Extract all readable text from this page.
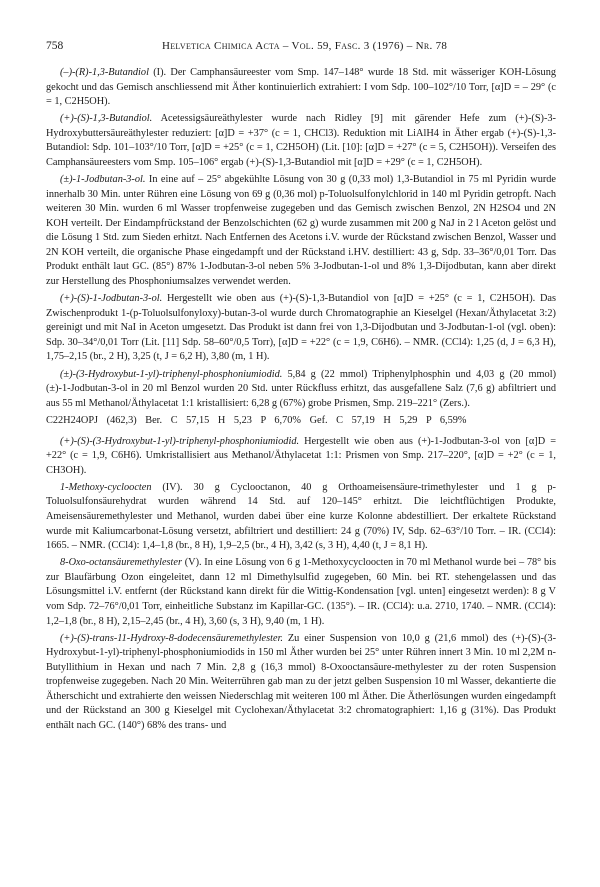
758	Helvetica Chimica Acta – Vol. 59, Fasc. 3 (1976) – Nr. 78

(–)-(R)-1,3-Butandiol (I). Der Camphansäureester vom Smp. 147–148° wurde 18 Std. mit wässeriger KOH-Lösung gekocht und das Gemisch anschliessend mit Äther kontinuierlich extrahiert: I vom Sdp. 100–102°/10 Torr, [α]D = – 29° (c = 1, C2H5OH).

(+)-(S)-1,3-Butandiol. Acetessigsäureäthylester wurde nach Ridley [9] mit gärender Hefe zum (+)-(S)-3-Hydroxybuttersäureäthylester reduziert: [α]D = +37° (c = 1, CHCl3). Reduktion mit LiAlH4 in Äther ergab (+)-(S)-1,3-Butandiol: Sdp. 101–103°/10 Torr, [α]D = +25° (c = 1, C2H5OH) (Lit. [10]: [α]D = +27° (c = 5, C2H5OH)). Verseifen des Camphansäureesters vom Smp. 105–106° ergab (+)-(S)-1,3-Butandiol mit [α]D = +29° (c = 1, C2H5OH).

(±)-1-Jodbutan-3-ol. In eine auf – 25° abgekühlte Lösung von 30 g (0,33 mol) 1,3-Butandiol in 75 ml Pyridin wurde innerhalb 30 Min. unter Rühren eine Lösung von 69 g (0,36 mol) p-Toluolsulfonylchlorid in 140 ml Pyridin getropft. Nach weiteren 30 Min. wurden 6 ml Wasser tropfenweise zugegeben und das Gemisch zwischen Benzol, 2N H2SO4 und 2N KOH verteilt. Der Eindampfrückstand der Benzolschichten (62 g) wurde zusammen mit 200 g NaJ in 2 l Aceton gelöst und die Lösung 1 Std. zum Sieden erhitzt. Nach Entfernen des Acetons i.V. wurde der Rückstand zwischen Benzol, Wasser und 2N KOH verteilt, die organische Phase eingedampft und der Rückstand i.HV. destilliert: 43 g, Sdp. 33–36°/0,01 Torr. Das Produkt enthält laut GC. (85°) 87% 1-Jodbutan-3-ol neben 5% 3-Jodbutan-1-ol und 8% 1,3-Dijodbutan, kann aber direkt zur Herstellung des Phosphoniumsalzes verwendet werden.

(+)-(S)-1-Jodbutan-3-ol. Hergestellt wie oben aus (+)-(S)-1,3-Butandiol von [α]D = +25° (c = 1, C2H5OH). Das Zwischenprodukt 1-(p-Toluolsulfonyloxy)-butan-3-ol wurde durch Chromatographie an Kieselgel (Hexan/Äthylacetat 3:2) gereinigt und mit NaI in Aceton umgesetzt. Das Produkt ist dann frei von 1,3-Dijodbutan und 3-Jodbutan-1-ol (vgl. oben): Sdp. 30–34°/0,01 Torr (Lit. [11] Sdp. 58–60°/0,5 Torr), [α]D = +22° (c = 1,9, C6H6). – NMR. (CCl4): 1,25 (d, J = 6,3 H), 1,75–2,15 (br., 2 H), 3,25 (t, J = 6,2 H), 3,80 (m, 1 H).

(±)-(3-Hydroxybut-1-yl)-triphenyl-phosphoniumiodid. 5,84 g (22 mmol) Triphenylphosphin und 4,03 g (20 mmol) (±)-1-Jodbutan-3-ol in 20 ml Benzol wurden 20 Std. unter Rückfluss erhitzt, das ausgefallene Salz (7,6 g) abfiltriert und aus 55 ml Methanol/Äthylacetat 1:1 kristallisiert: 6,28 g (67%) grobe Prismen, Smp. 219–221° (Zers.).

C22H24OPJ (462,3) Ber. C 57,15 H 5,23 P 6,70% Gef. C 57,19 H 5,29 P 6,59%

(+)-(S)-(3-Hydroxybut-1-yl)-triphenyl-phosphoniumiodid. Hergestellt wie oben aus (+)-1-Jodbutan-3-ol von [α]D = +22° (c = 1,9, C6H6). Umkristallisiert aus Methanol/Äthylacetat 1:1: Prismen von Smp. 217–220°, [α]D = +2° (c = 1, CH3OH).

1-Methoxy-cycloocten (IV). 30 g Cyclooctanon, 40 g Orthoameisensäure-trimethylester und 1 g p-Toluolsulfonsäurehydrat wurden während 14 Std. auf 120–145° erhitzt. Die leichtflüchtigen Produkte, Ameisensäuremethylester und Methanol, wurden dabei über eine kurze Kolonne abdestilliert. Der erkaltete Rückstand wurde mit Kaliumcarbonat-Lösung versetzt, abfiltriert und destilliert: 24 g (70%) IV, Sdp. 62–63°/10 Torr. – IR. (CCl4): 1665. – NMR. (CCl4): 1,4–1,8 (br., 8 H), 1,9–2,5 (br., 4 H), 3,42 (s, 3 H), 4,40 (t, J = 8,1 H).

8-Oxo-octansäuremethylester (V). In eine Lösung von 6 g 1-Methoxycycloocten in 70 ml Methanol wurde bei – 78° bis zur Blaufärbung Ozon eingeleitet, dann 12 ml Dimethylsulfid zugegeben, 60 Min. bei RT. stehengelassen und das Lösungsmittel i.V. entfernt (der Rückstand kann direkt für die Wittig-Kondensation [vgl. unten] eingesetzt werden): 8 g V vom Sdp. 72–76°/0,01 Torr, einheitliche Substanz im Kapillar-GC. (135°). – IR. (CCl4): u.a. 2710, 1740. – NMR. (CCl4): 1,2–1,8 (br., 8 H), 2,15–2,45 (br., 4 H), 3,60 (s, 3 H), 9,40 (m, 1 H).

(+)-(S)-trans-11-Hydroxy-8-dodecensäuremethylester. Zu einer Suspension von 10,0 g (21,6 mmol) des (+)-(S)-(3-Hydroxybut-1-yl)-triphenyl-phosphoniumiodids in 150 ml Äther wurden bei 25° unter Rühren innert 3 Min. 10 ml 2,2M n-Butyllithium in Hexan und nach 7 Min. 2,8 g (16,3 mmol) 8-Oxooctansäure-methylester zu der roten Suspension tropfenweise zugegeben. Nach 20 Min. Weiterrühren gab man zu der jetzt gelben Suspension 10 ml Wasser, dekantierte die Ätherschicht und extrahierte den weissen Niederschlag mit weiteren 100 ml Äther. Die Ätherlösungen wurden eingedampft und der Rückstand an 300 g Kieselgel mit Cyclohexan/Äthylacetat 3:2 chromatographiert: 1,16 g (31%). Das Produkt enthält nach GC. (140°) 68% des trans- und
